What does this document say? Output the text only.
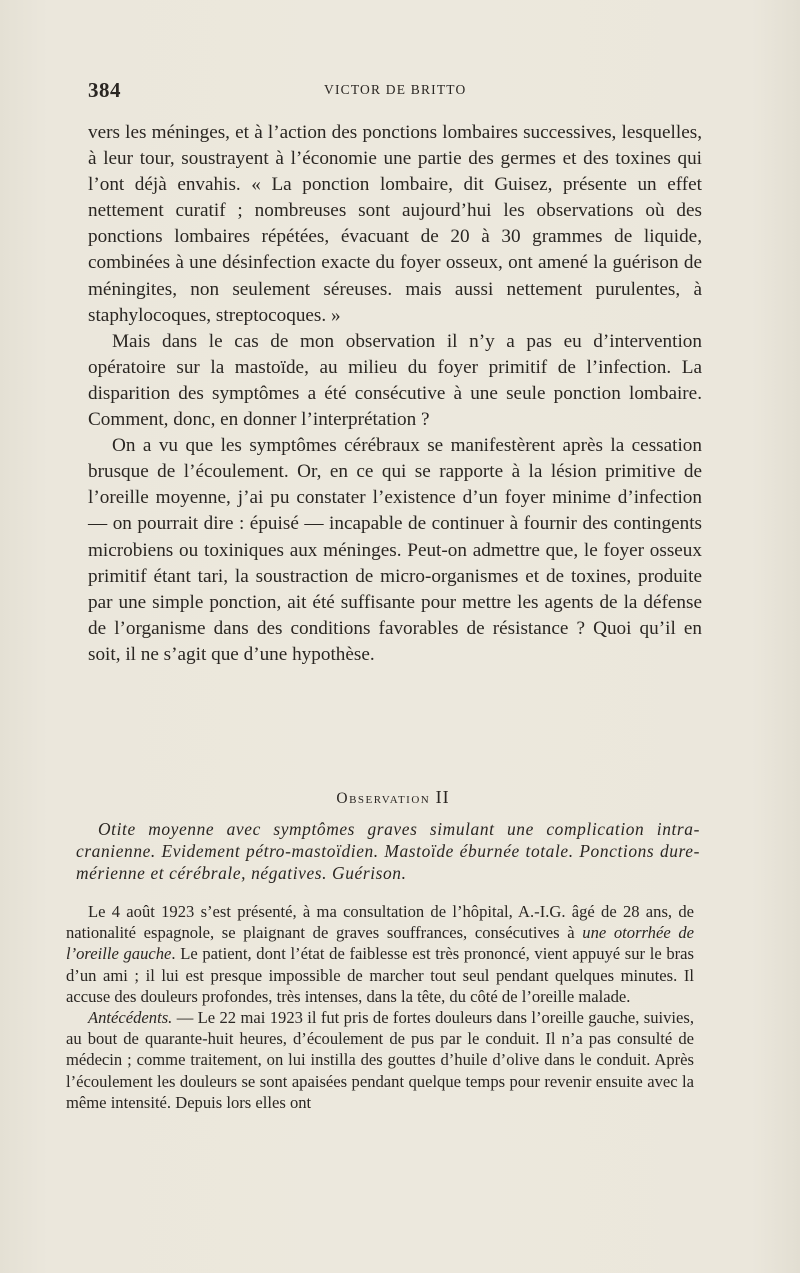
384	VICTOR DE BRITTO

vers les méninges, et à l’action des ponctions lombaires successives, lesquelles, à leur tour, soustrayent à l’économie une partie des germes et des toxines qui l’ont déjà envahis. « La ponction lombaire, dit Guisez, présente un effet nettement curatif ; nombreuses sont aujourd’hui les observations où des ponctions lombaires répétées, évacuant de 20 à 30 grammes de liquide, combinées à une désinfection exacte du foyer osseux, ont amené la guérison de méningites, non seulement séreuses. mais aussi nettement purulentes, à staphylocoques, streptocoques. »

Mais dans le cas de mon observation il n’y a pas eu d’intervention opératoire sur la mastoïde, au milieu du foyer primitif de l’infection. La disparition des symptômes a été consécutive à une seule ponction lombaire. Comment, donc, en donner l’interprétation ?

On a vu que les symptômes cérébraux se manifestèrent après la cessation brusque de l’écoulement. Or, en ce qui se rapporte à la lésion primitive de l’oreille moyenne, j’ai pu constater l’existence d’un foyer minime d’infection — on pourrait dire : épuisé — incapable de continuer à fournir des contingents microbiens ou toxiniques aux méninges. Peut-on admettre que, le foyer osseux primitif étant tari, la soustraction de micro-organismes et de toxines, produite par une simple ponction, ait été suffisante pour mettre les agents de la défense de l’organisme dans des conditions favorables de résistance ? Quoi qu’il en soit, il ne s’agit que d’une hypothèse.

Observation II

Otite moyenne avec symptômes graves simulant une complication intra-cranienne. Evidement pétro-mastoïdien. Mastoïde éburnée totale. Ponctions dure-mérienne et cérébrale, négatives. Guérison.

Le 4 août 1923 s’est présenté, à ma consultation de l’hôpital, A.-I.G. âgé de 28 ans, de nationalité espagnole, se plaignant de graves souffrances, consécutives à une otorrhée de l’oreille gauche. Le patient, dont l’état de faiblesse est très prononcé, vient appuyé sur le bras d’un ami ; il lui est presque impossible de marcher tout seul pendant quelques minutes. Il accuse des douleurs profondes, très intenses, dans la tête, du côté de l’oreille malade.

Antécédents. — Le 22 mai 1923 il fut pris de fortes douleurs dans l’oreille gauche, suivies, au bout de quarante-huit heures, d’écoulement de pus par le conduit. Il n’a pas consulté de médecin ; comme traitement, on lui instilla des gouttes d’huile d’olive dans le conduit. Après l’écoulement les douleurs se sont apaisées pendant quelque temps pour revenir ensuite avec la même intensité. Depuis lors elles ont
